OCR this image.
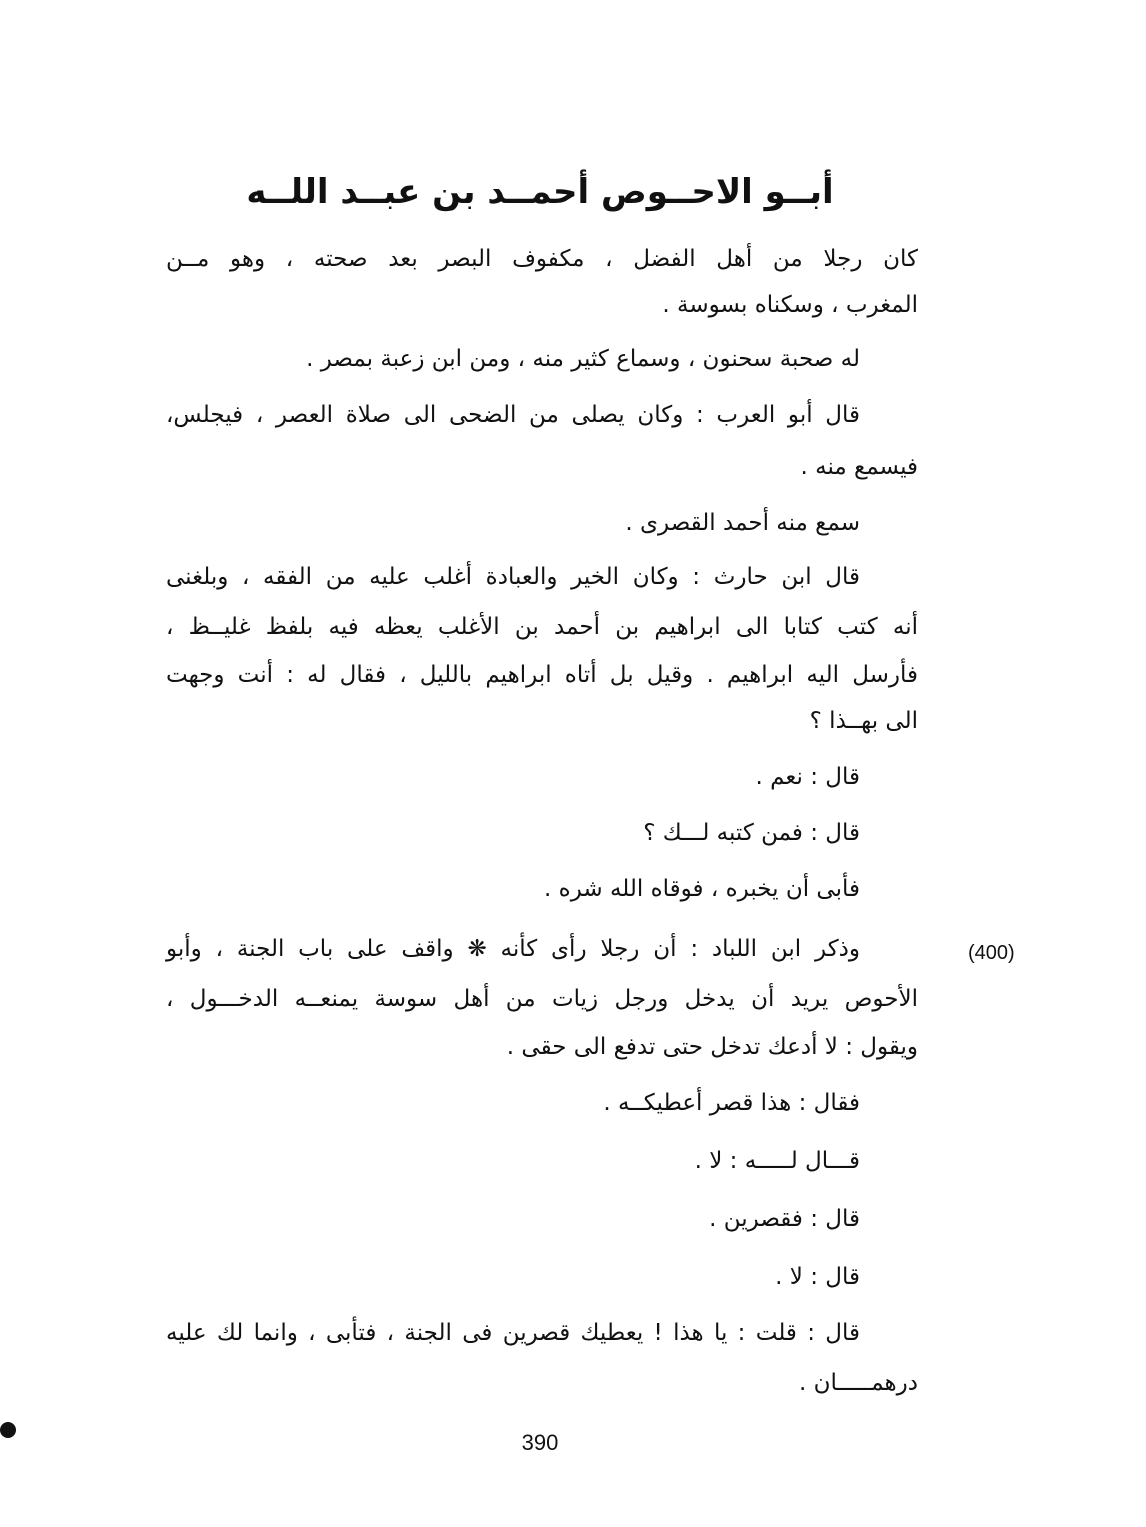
أبــو الاحــوص أحمــد بن عبــد اللــه
كان رجلا من أهل الفضل ، مكفوف البصر بعد صحته ، وهو مــن
المغرب ، وسكناه بسوسة .
له صحبة سحنون ، وسماع كثير منه ، ومن ابن زعبة بمصر .
قال أبو العرب : وكان يصلى من الضحى الى صلاة العصر ، فيجلس،
فيسمع منه .
سمع منه أحمد القصرى .
قال ابن حارث : وكان الخير والعبادة أغلب عليه من الفقه ، وبلغنى
أنه كتب كتابا الى ابراهيم بن أحمد بن الأغلب يعظه فيه بلفظ غليــظ ،
فأرسل اليه ابراهيم . وقيل بل أتاه ابراهيم بالليل ، فقال له : أنت وجهت
الى بهــذا ؟
قال : نعم .
قال : فمن كتبه لـــك ؟
فأبى أن يخبره ، فوقاه الله شره .
وذكر ابن اللباد : أن رجلا رأى كأنه ❋ واقف على باب الجنة ، وأبو
الأحوص يريد أن يدخل ورجل زيات من أهل سوسة يمنعــه الدخـــول ،
ويقول : لا أدعك تدخل حتى تدفع الى حقى .
فقال : هذا قصر أعطيكــه .
قـــال لـــــه : لا .
قال : فقصرين .
قال : لا .
قال : قلت : يا هذا ! يعطيك قصرين فى الجنة ، فتأبى ، وانما لك عليه
درهمـــــان .
(400)
390
